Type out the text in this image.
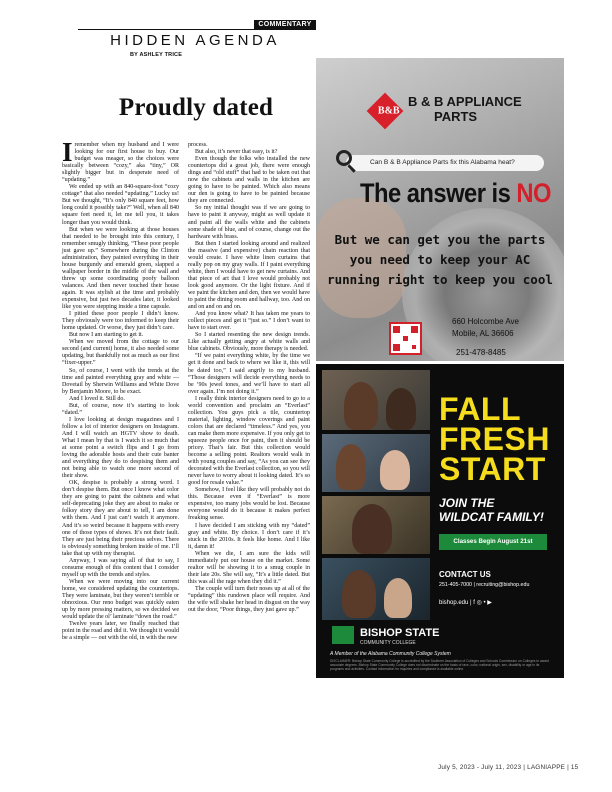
COMMENTARY
HIDDEN AGENDA
BY ASHLEY TRICE
Proudly dated
I remember when my husband and I were looking for our first house to buy. Our budget was meager, so the choices were basically between “cozy,” aka “tiny,” OR slightly bigger but in desperate need of “updating.”

We ended up with an 840-square-foot “cozy cottage” that also needed “updating.” Lucky us! But we thought, “It’s only 840 square feet, how long could it possibly take?” Well, when all 840 square feet need it, let me tell you, it takes longer than you would think.

But when we were looking at those houses that needed to be brought into this century, I remember smugly thinking, “These poor people just gave up.” Somewhere during the Clinton administration, they painted everything in their house burgundy and emerald green, slapped a wallpaper border in the middle of the wall and threw up some coordinating poofy balloon valances. And then never touched their house again. It was stylish at the time and probably expensive, but just two decades later, it looked like you were stepping inside a time capsule.

I pitied these poor people I didn’t know. They obviously were too informed to keep their home updated. Or worse, they just didn’t care.

But now I am starting to get it.

When we moved from the cottage to our second (and current) home, it also needed some updating, but thankfully not as much as our first “fixer-upper.”

So, of course, I went with the trends at the time and painted everything gray and white — Dovetail by Sherwin Williams and White Dove by Benjamin Moore, to be exact.

And I loved it. Still do.

But, of course, now it’s starting to look “dated.”

I love looking at design magazines and I follow a lot of interior designers on Instagram. And I will watch an HGTV show to death. What I mean by that is I watch it so much that at some point a switch flips and I go from loving the adorable hosts and their cute banter and everything they do to despising them and not being able to watch one more second of their show.

OK, despise is probably a strong word. I don’t despise them. But once I know what color they are going to paint the cabinets and what self-deprecating joke they are about to make or folksy story they are about to tell, I am done with them. And I just can’t watch it anymore. And it’s so weird because it happens with every one of those types of shows. It’s not their fault. They are just being their precious selves. There is obviously something broken inside of me. I’ll take that up with my therapist.

Anyway, I was saying all of that to say, I consume enough of this content that I consider myself up with the trends and styles.

When we were moving into our current home, we considered updating the countertops. They were laminate, but they weren’t terrible or obnoxious. Our reno budget was quickly eaten up by more pressing matters, so we decided we would update the ol’ laminate “down the road.”

Twelve years later, we finally reached that point in the road and did it. We thought it would be a simple — out with the old, in with the new

process.

But also, it’s never that easy, is it?

Even though the folks who installed the new countertops did a great job, there were enough dings and “old stuff” that had to be taken out that now the cabinets and walls in the kitchen are going to have to be painted. Which also means our den is going to have to be painted because they are connected.

So my initial thought was if we are going to have to paint it anyway, might as well update it and paint all the walls white and the cabinets some shade of blue, and of course, change out the hardware with brass.

But then I started looking around and realized the massive (and expensive) chain reaction that would create. I have white linen curtains that really pop on my gray walls. If I paint everything white, then I would have to get new curtains. And that piece of art that I love would probably not look good anymore. Or the light fixture. And if we paint the kitchen and den, then we would have to paint the dining room and hallway, too. And on and on and on and on.

And you know what? It has taken me years to collect pieces and get it “just so.” I don’t want to have to start over.

So I started resenting the new design trends. Like actually getting angry at white walls and blue cabinets. Obviously, more therapy is needed.

“If we paint everything white, by the time we get it done and back to where we like it, this will be dated too,” I said angrily to my husband. “Those designers will decide everything needs to be ’90s jewel tones, and we’ll have to start all over again. I’m not doing it.”

I really think interior designers need to go to a world convention and proclaim an “Everlast” collection. You guys pick a tile, countertop material, lighting, window coverings and paint colors that are declared “timeless.” And yes, you can make them more expensive. If you only get to squeeze people once for paint, then it should be pricey. That’s fair. But this collection would become a selling point. Realtors would walk in with young couples and say, “As you can see they decorated with the Everlast collection, so you will never have to worry about it looking dated. It’s so good for resale value.”

Somehow, I feel like they will probably not do this. Because even if “Everlast” is more expensive, too many jobs would be lost. Because everyone would do it because it makes perfect freaking sense.

I have decided I am sticking with my “dated” gray and white. By choice. I don’t care if it’s stuck in the 2010s. It feels like home. And I like it, damn it!

When we die, I am sure the kids will immediately put our house on the market. Some realtor will be showing it to a smug couple in their late 20s. She will say, “It’s a little dated. But this was all the rage when they did it.”

The couple will turn their noses up at all of the “updating” this rundown place will require. And the wife will shake her head in disgust on the way out the door, “Poor things, they just gave up.”

B&B
B & B APPLIANCE
PARTS
Can B & B Appliance Parts fix this Alabama heat?
The answer is NO
But we can get you the parts you need to keep your AC running right to keep you cool
660 Holcombe Ave
Mobile, AL 36606
251-478-8485
FALL
FRESH
START
JOIN THE
WILDCAT FAMILY!
Classes Begin August 21st
CONTACT US
251-405-7000 | recruiting@bishop.edu
bishop.edu | f ◎ • ▶
BISHOP STATE
COMMUNITY COLLEGE
A Member of the Alabama Community College System
DISCLAIMER: Bishop State Community College is accredited by the Southern Association of Colleges and Schools Commission on Colleges to award associate degrees. Bishop State Community College does not discriminate on the basis of race, color, national origin, sex, disability or age in its programs and activities. Contact information for inquiries and compliance is available online.
July 5, 2023 - July 11, 2023 | LAGNIAPPE | 15
